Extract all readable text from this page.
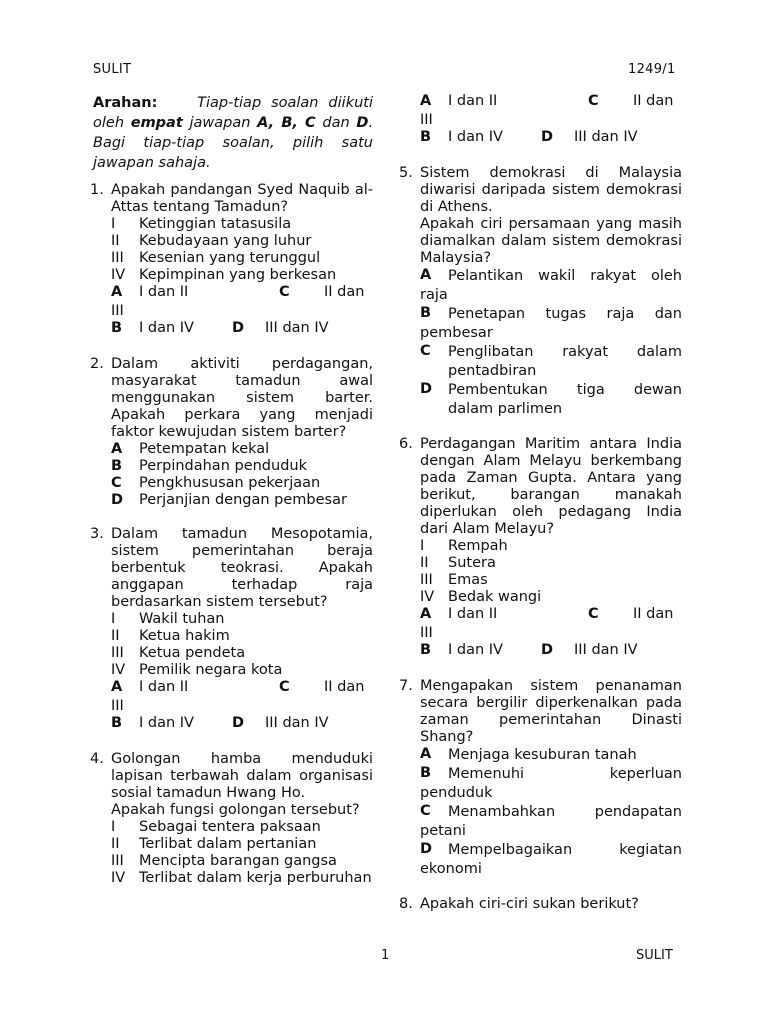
SULIT	1249/1
Arahan:	Tiap-tiap soalan diikuti oleh empat jawapan A, B, C dan D. Bagi tiap-tiap soalan, pilih satu jawapan sahaja.
1. Apakah pandangan Syed Naquib al-Attas tentang Tamadun?
I	Ketinggian tatasusila
II	Kebudayaan yang luhur
III	Kesenian yang terunggul
IV Kepimpinan yang berkesan
A I dan II	C II dan
III
B I dan IV	D III dan IV
2. Dalam aktiviti perdagangan, masyarakat tamadun awal menggunakan sistem barter. Apakah perkara yang menjadi faktor kewujudan sistem barter?
A	Petempatan kekal
B	Perpindahan penduduk
C	Pengkhususan pekerjaan
D	Perjanjian dengan pembesar
3. Dalam tamadun Mesopotamia, sistem pemerintahan beraja berbentuk teokrasi. Apakah anggapan terhadap raja berdasarkan sistem tersebut?
I	Wakil tuhan
II	Ketua hakim
III	Ketua pendeta
IV Pemilik negara kota
A I dan II	C II dan
III
B I dan IV	D III dan IV
4. Golongan hamba menduduki lapisan terbawah dalam organisasi sosial tamadun Hwang Ho.
Apakah fungsi golongan tersebut?
I	Sebagai tentera paksaan
II	Terlibat dalam pertanian
III	Mencipta barangan gangsa
IV Terlibat dalam kerja perburuhan
A I dan II	C II dan
III
B I dan IV	D III dan IV
5. Sistem demokrasi di Malaysia diwarisi daripada sistem demokrasi di Athens.
Apakah ciri persamaan yang masih diamalkan dalam sistem demokrasi Malaysia?
A	Pelantikan wakil rakyat oleh
raja
B	Penetapan tugas raja dan
pembesar
C	Penglibatan rakyat dalam
pentadbiran
D	Pembentukan tiga dewan
dalam parlimen
6. Perdagangan Maritim antara India dengan Alam Melayu berkembang pada Zaman Gupta. Antara yang berikut, barangan manakah diperlukan oleh pedagang India dari Alam Melayu?
I	Rempah
II	Sutera
III	Emas
IV Bedak wangi
A I dan II	C II dan
III
B I dan IV	D III dan IV
7. Mengapakan sistem penanaman secara bergilir diperkenalkan pada zaman pemerintahan Dinasti Shang?
A	Menjaga kesuburan tanah
B	Memenuhi keperluan
penduduk
C	Menambahkan pendapatan
petani
D	Mempelbagaikan kegiatan
ekonomi
8. Apakah ciri-ciri sukan berikut?
1	SULIT
